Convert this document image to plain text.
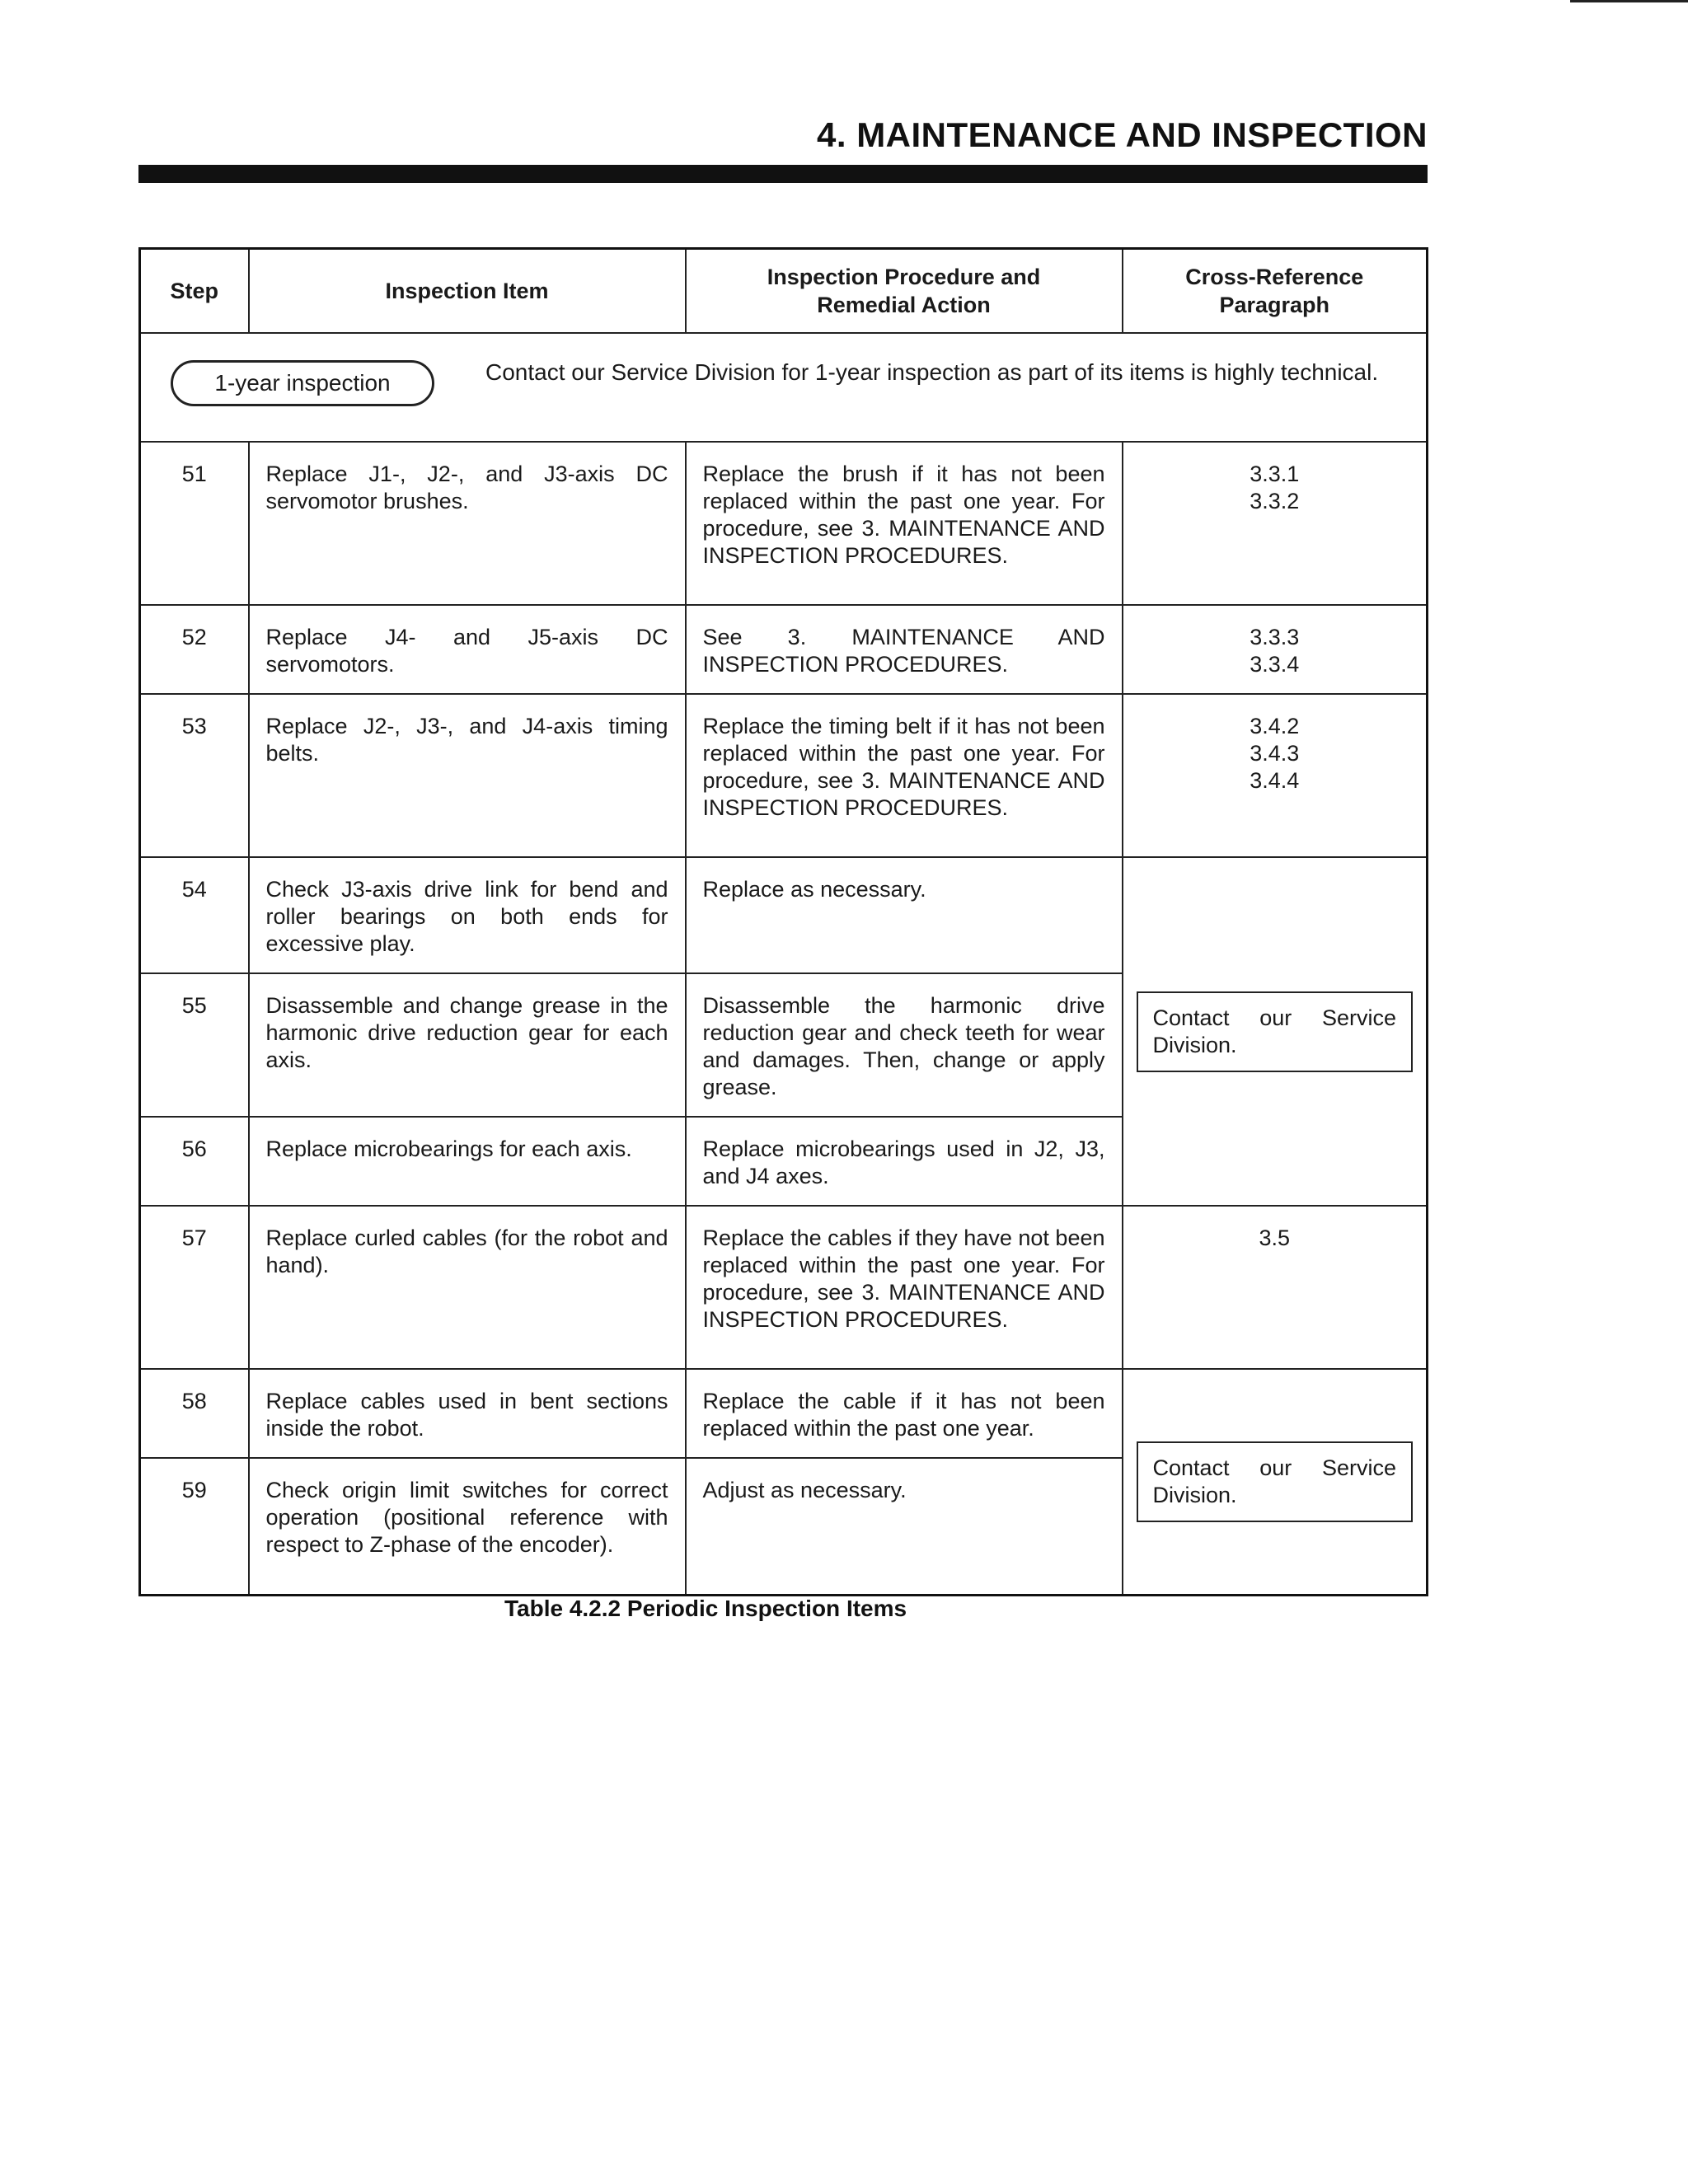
4. MAINTENANCE AND INSPECTION
Step	Inspection Item	Inspection Procedure and Remedial Action	Cross-Reference Paragraph

1-year inspection Contact our Service Division for 1-year inspection as part of its items is highly technical.			

51	Replace J1-, J2-, and J3-axis DC servomotor brushes.	Replace the brush if it has not been replaced within the past one year. For procedure, see 3. MAINTENANCE AND INSPECTION PROCEDURES.	3.3.1
3.3.2

52	Replace J4- and J5-axis DC servomotors.	See 3. MAINTENANCE AND INSPECTION PROCEDURES.	3.3.3
3.3.4

53	Replace J2-, J3-, and J4-axis timing belts.	Replace the timing belt if it has not been replaced within the past one year. For procedure, see 3. MAINTENANCE AND INSPECTION PROCEDURES.	3.4.2
3.4.3
3.4.4

54	Check J3-axis drive link for bend and roller bearings on both ends for excessive play.	Replace as necessary.	Contact our Service Division.

55	Disassemble and change grease in the harmonic drive reduction gear for each axis.	Disassemble the harmonic drive reduction gear and check teeth for wear and damages. Then, change or apply grease.	

56	Replace microbearings for each axis.	Replace microbearings used in J2, J3, and J4 axes.	

57	Replace curled cables (for the robot and hand).	Replace the cables if they have not been replaced within the past one year. For procedure, see 3. MAINTENANCE AND INSPECTION PROCEDURES.	3.5

58	Replace cables used in bent sections inside the robot.	Replace the cable if it has not been replaced within the past one year.	Contact our Service Division.

59	Check origin limit switches for correct operation (positional reference with respect to Z-phase of the encoder).	Adjust as necessary.	
Table 4.2.2 Periodic Inspection Items
